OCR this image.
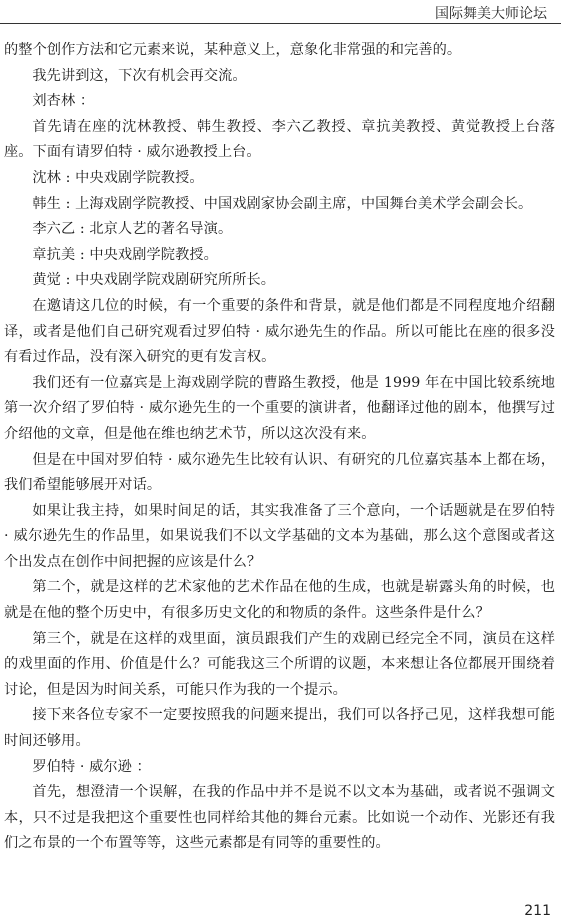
国际舞美大师论坛

的整个创作方法和它元素来说，某种意义上，意象化非常强的和完善的。

我先讲到这，下次有机会再交流。

刘杏林 ：

首先请在座的沈林教授、韩生教授、李六乙教授、章抗美教授、黄觉教授上台落座。下面有请罗伯特 · 威尔逊教授上台。

沈林 : 中央戏剧学院教授。

韩生 : 上海戏剧学院教授、中国戏剧家协会副主席，中国舞台美术学会副会长。

李六乙 : 北京人艺的著名导演。

章抗美 : 中央戏剧学院教授。

黄觉 : 中央戏剧学院戏剧研究所所长。

在邀请这几位的时候，有一个重要的条件和背景，就是他们都是不同程度地介绍翻译，或者是他们自己研究观看过罗伯特 · 威尔逊先生的作品。所以可能比在座的很多没有看过作品，没有深入研究的更有发言权。

我们还有一位嘉宾是上海戏剧学院的曹路生教授，他是 1999 年在中国比较系统地第一次介绍了罗伯特 · 威尔逊先生的一个重要的演讲者，他翻译过他的剧本，他撰写过介绍他的文章，但是他在维也纳艺术节，所以这次没有来。

但是在中国对罗伯特 · 威尔逊先生比较有认识、有研究的几位嘉宾基本上都在场，我们希望能够展开对话。

如果让我主持，如果时间足的话，其实我准备了三个意向，一个话题就是在罗伯特 · 威尔逊先生的作品里，如果说我们不以文学基础的文本为基础，那么这个意图或者这个出发点在创作中间把握的应该是什么？

第二个，就是这样的艺术家他的艺术作品在他的生成，也就是崭露头角的时候，也就是在他的整个历史中，有很多历史文化的和物质的条件。这些条件是什么？

第三个，就是在这样的戏里面，演员跟我们产生的戏剧已经完全不同，演员在这样的戏里面的作用、价值是什么？可能我这三个所谓的议题，本来想让各位都展开围绕着讨论，但是因为时间关系，可能只作为我的一个提示。

接下来各位专家不一定要按照我的问题来提出，我们可以各抒己见，这样我想可能时间还够用。

罗伯特 · 威尔逊 ：

首先，想澄清一个误解，在我的作品中并不是说不以文本为基础，或者说不强调文本，只不过是我把这个重要性也同样给其他的舞台元素。比如说一个动作、光影还有我们之布景的一个布置等等，这些元素都是有同等的重要性的。

211
